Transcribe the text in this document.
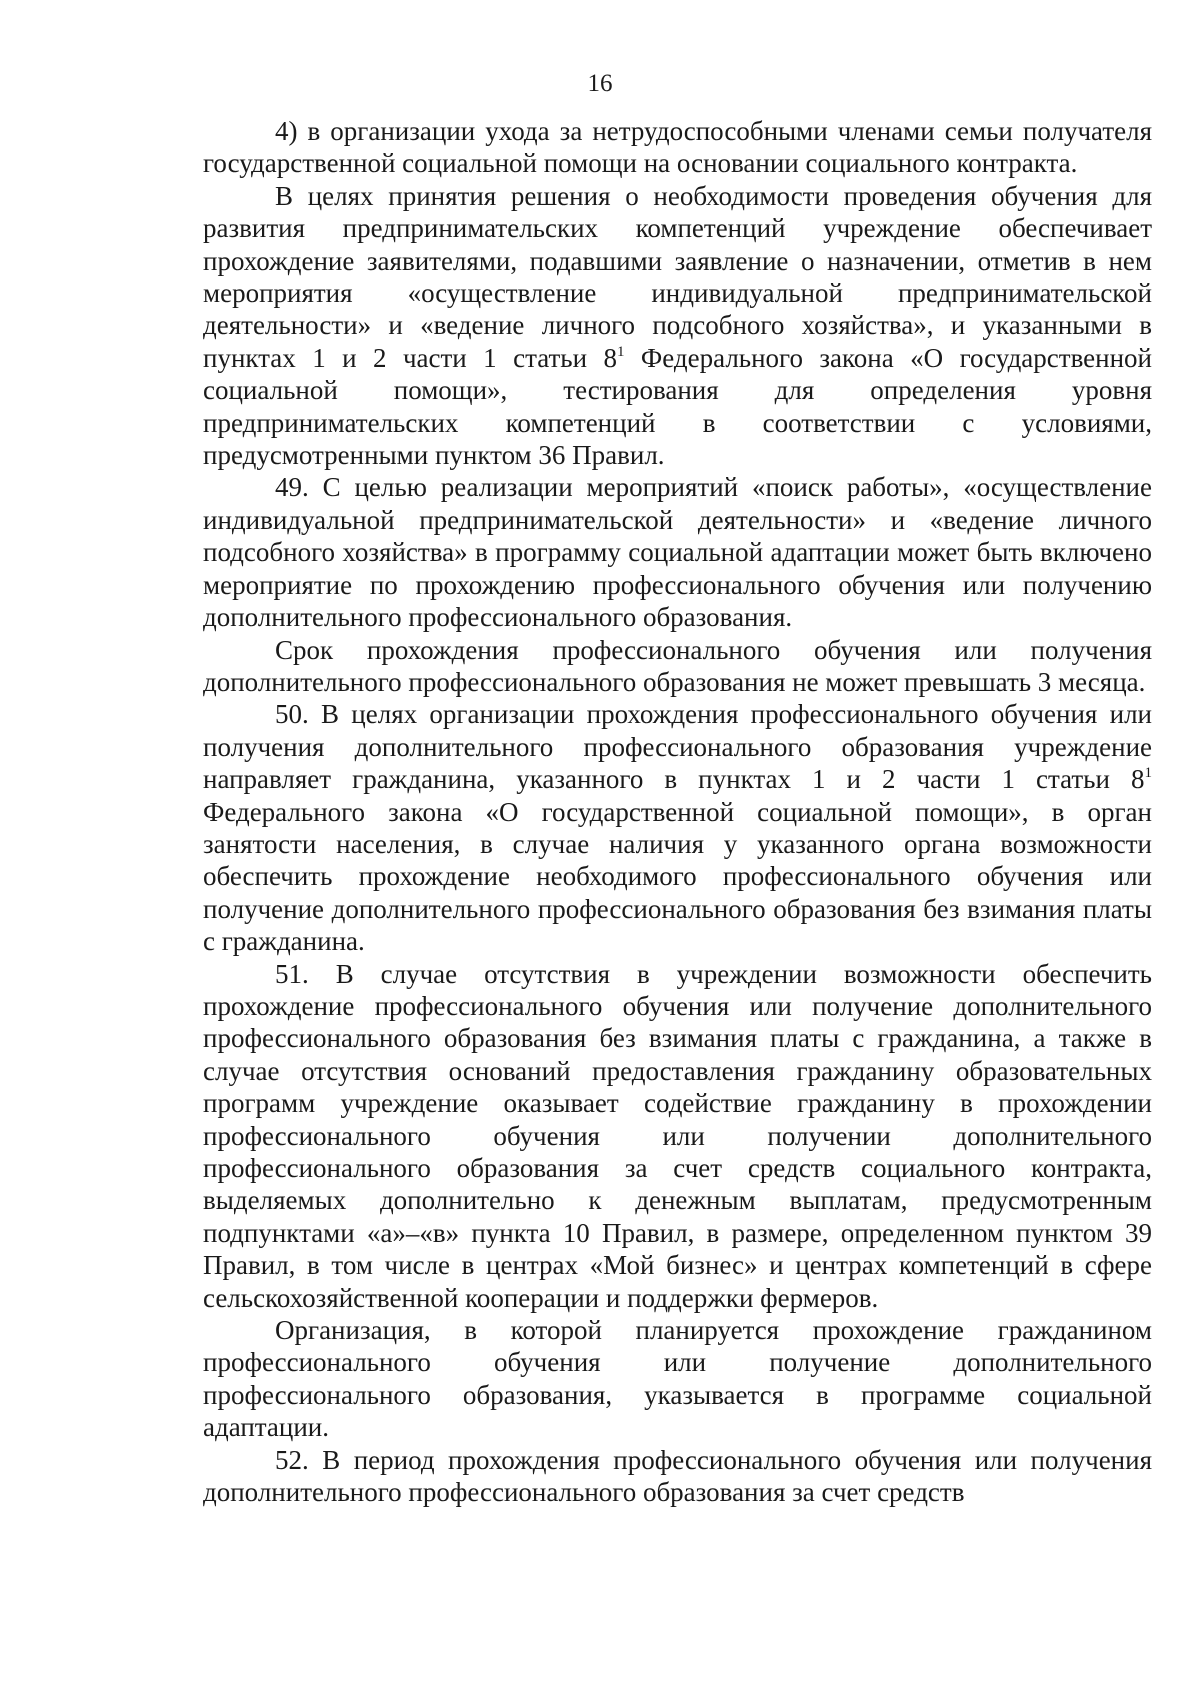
16

4) в организации ухода за нетрудоспособными членами семьи получателя государственной социальной помощи на основании социального контракта.

В целях принятия решения о необходимости проведения обучения для развития предпринимательских компетенций учреждение обеспечивает прохождение заявителями, подавшими заявление о назначении, отметив в нем мероприятия «осуществление индивидуальной предпринимательской деятельности» и «ведение личного подсобного хозяйства», и указанными в пунктах 1 и 2 части 1 статьи $8^1$ Федерального закона «О государственной социальной помощи», тестирования для определения уровня предпринимательских компетенций в соответствии с условиями, предусмотренными пунктом 36 Правил.

49. С целью реализации мероприятий «поиск работы», «осуществление индивидуальной предпринимательской деятельности» и «ведение личного подсобного хозяйства» в программу социальной адаптации может быть включено мероприятие по прохождению профессионального обучения или получению дополнительного профессионального образования.

Срок прохождения профессионального обучения или получения дополнительного профессионального образования не может превышать 3 месяца.

50. В целях организации прохождения профессионального обучения или получения дополнительного профессионального образования учреждение направляет гражданина, указанного в пунктах 1 и 2 части 1 статьи $8^1$ Федерального закона «О государственной социальной помощи», в орган занятости населения, в случае наличия у указанного органа возможности обеспечить прохождение необходимого профессионального обучения или получение дополнительного профессионального образования без взимания платы с гражданина.

51. В случае отсутствия в учреждении возможности обеспечить прохождение профессионального обучения или получение дополнительного профессионального образования без взимания платы с гражданина, а также в случае отсутствия оснований предоставления гражданину образовательных программ учреждение оказывает содействие гражданину в прохождении профессионального обучения или получении дополнительного профессионального образования за счет средств социального контракта, выделяемых дополнительно к денежным выплатам, предусмотренным подпунктами «а»–«в» пункта 10 Правил, в размере, определенном пунктом 39 Правил, в том числе в центрах «Мой бизнес» и центрах компетенций в сфере сельскохозяйственной кооперации и поддержки фермеров.

Организация, в которой планируется прохождение гражданином профессионального обучения или получение дополнительного профессионального образования, указывается в программе социальной адаптации.

52. В период прохождения профессионального обучения или получения дополнительного профессионального образования за счет средств
